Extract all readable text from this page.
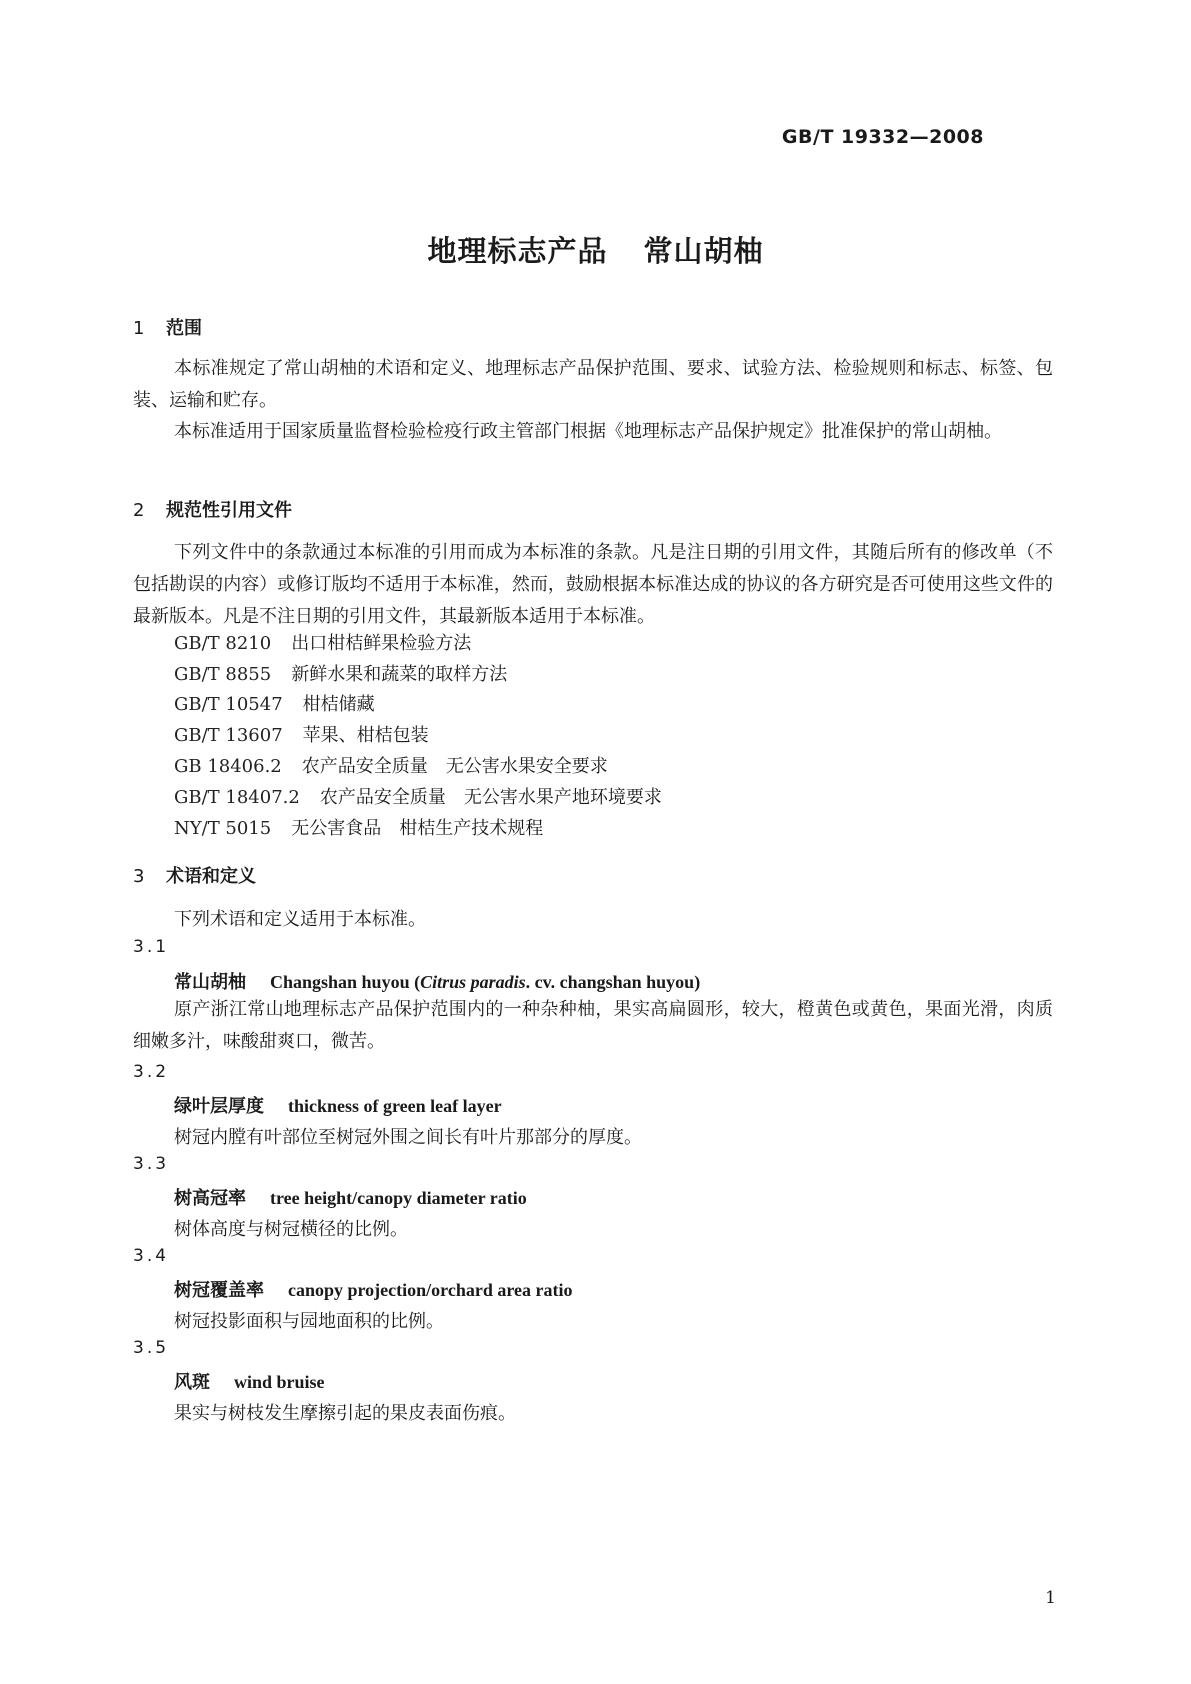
GB/T 19332—2008
地理标志产品 常山胡柚
1 范围
本标准规定了常山胡柚的术语和定义、地理标志产品保护范围、要求、试验方法、检验规则和标志、标签、包装、运输和贮存。
本标准适用于国家质量监督检验检疫行政主管部门根据《地理标志产品保护规定》批准保护的常山胡柚。
2 规范性引用文件
下列文件中的条款通过本标准的引用而成为本标准的条款。凡是注日期的引用文件，其随后所有的修改单（不包括勘误的内容）或修订版均不适用于本标准，然而，鼓励根据本标准达成的协议的各方研究是否可使用这些文件的最新版本。凡是不注日期的引用文件，其最新版本适用于本标准。
GB/T 8210 出口柑桔鲜果检验方法
GB/T 8855 新鲜水果和蔬菜的取样方法
GB/T 10547 柑桔储藏
GB/T 13607 苹果、柑桔包装
GB 18406.2 农产品安全质量　无公害水果安全要求
GB/T 18407.2 农产品安全质量　无公害水果产地环境要求
NY/T 5015 无公害食品　柑桔生产技术规程
3 术语和定义
下列术语和定义适用于本标准。
3.1
常山胡柚 Changshan huyou (Citrus paradis. cv. changshan huyou)
原产浙江常山地理标志产品保护范围内的一种杂种柚，果实高扁圆形，较大，橙黄色或黄色，果面光滑，肉质细嫩多汁，味酸甜爽口，微苦。
3.2
绿叶层厚度 thickness of green leaf layer
树冠内膛有叶部位至树冠外围之间长有叶片那部分的厚度。
3.3
树高冠率 tree height/canopy diameter ratio
树体高度与树冠横径的比例。
3.4
树冠覆盖率 canopy projection/orchard area ratio
树冠投影面积与园地面积的比例。
3.5
风斑 wind bruise
果实与树枝发生摩擦引起的果皮表面伤痕。
1
